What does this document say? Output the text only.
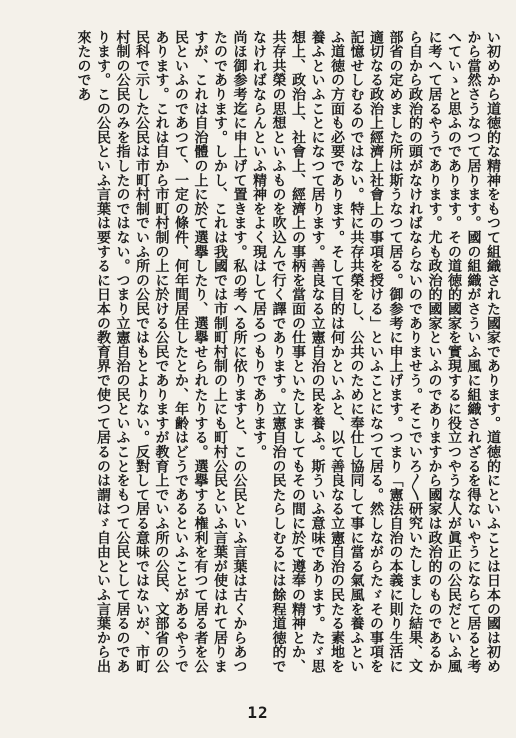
い初めから道徳的な精神をもつて組織された國家であります。道徳的にといふことは日本の國は初めから當然さうなつて居ります。國の組織がさういふ風に組織されざるを得ないやうにならて居ると考へていゝと思ふのであります。その道徳的國家を實現するに役立つやうな人が眞正の公民だといふ風に考へて居るやうであります。尤も政治的國家といふのでありますから國家は政治的のものであるから自から政治的の頭がなければならないのでありませう。そこでいろ〳〵研究いたしました結果、文部省の定めました所は斯うなつて居る。御参考に申上げます。つまり「憲法自治の本義に則り生活に適切なる政治上經濟上社會上の事項を授ける」といふことになつて居る。然しながらたゞその事項を記憶せしむるのではない。特に共存共榮をし、公共のために奉仕し協同して事に當る氣風を養ふといふ道徳の方面も必要であります。そして目的は何かといふと、以て善良なる立憲自治の民たる素地を養ふといふことになつて居ります。善良なる立憲自治の民を養ふ。斯ういふ意味であります。たゞ思想上、政治上、社會上、經濟上の事柄を當面の仕事といたしましてもその間に於て遵奉の精神とか、共存共榮の思想といふものを吹込んで行く譯であります。立憲自治の民たらしむるには餘程道徳的でなければならんといふ精神をよく現はして居るつもりであります。

尚ほ御参考迄に申上げて置きます。私の考へる所に依りますと、この公民といふ言葉は古くからあつたのであります。しかし、これは我國では市制町村制の上にも町村公民といふ言葉が使はれて居りますが、これは自治體の上に於て選擧したり、選擧せられたりする。選擧する権利を有つて居る者を公民といふのであつて、一定の條件、何年間居住したとか、年齢はどうであるといふことがあるやうであります。これは自から市町村制の上に於ける公民でありますが教育上でいふ所の公民、文部省の公民科で示した公民は市町村制でいふ所の公民ではもとよりない。反對して居る意味ではないが、市町村制の公民のみを指したのではない。つまり立憲自治の民といふことをもつて公民として居るのであります。この公民といふ言葉は要するに日本の教育界で使つて居るのは謂はゞ自由といふ言葉から出來たのであ

12
